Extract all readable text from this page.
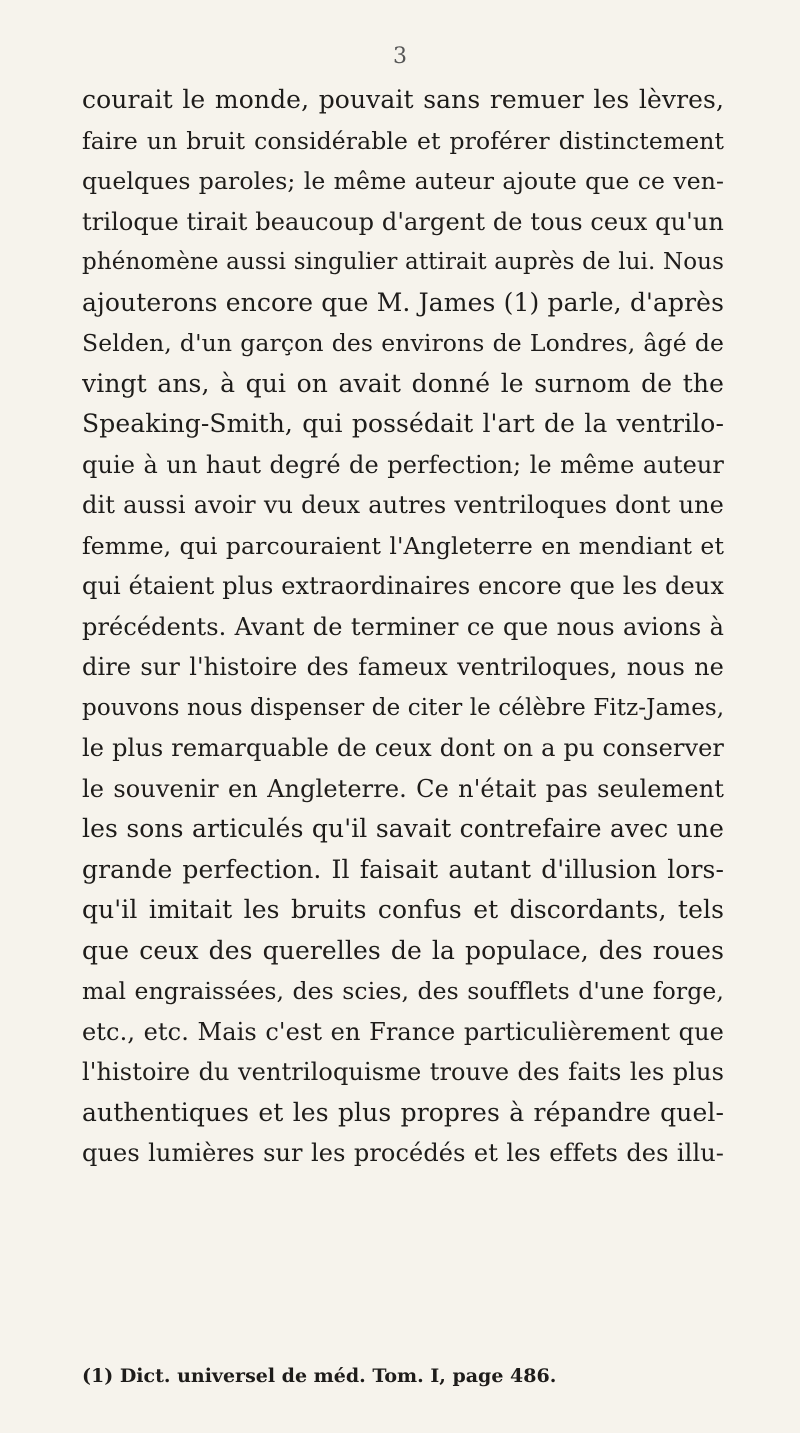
3
courait le monde, pouvait sans remuer les lèvres,
faire un bruit considérable et proférer distinctement
quelques paroles; le même auteur ajoute que ce ven-
triloque tirait beaucoup d'argent de tous ceux qu'un
phénomène aussi singulier attirait auprès de lui. Nous
ajouterons encore que M. James (1) parle, d'après
Selden, d'un garçon des environs de Londres, âgé de
vingt ans, à qui on avait donné le surnom de the
Speaking-Smith, qui possédait l'art de la ventrilo-
quie à un haut degré de perfection; le même auteur
dit aussi avoir vu deux autres ventriloques dont une
femme, qui parcouraient l'Angleterre en mendiant et
qui étaient plus extraordinaires encore que les deux
précédents. Avant de terminer ce que nous avions à
dire sur l'histoire des fameux ventriloques, nous ne
pouvons nous dispenser de citer le célèbre Fitz-James,
le plus remarquable de ceux dont on a pu conserver
le souvenir en Angleterre. Ce n'était pas seulement
les sons articulés qu'il savait contrefaire avec une
grande perfection. Il faisait autant d'illusion lors-
qu'il imitait les bruits confus et discordants, tels
que ceux des querelles de la populace, des roues
mal engraissées, des scies, des soufflets d'une forge,
etc., etc. Mais c'est en France particulièrement que
l'histoire du ventriloquisme trouve des faits les plus
authentiques et les plus propres à répandre quel-
ques lumières sur les procédés et les effets des illu-
(1) Dict. universel de méd. Tom. I, page 486.
